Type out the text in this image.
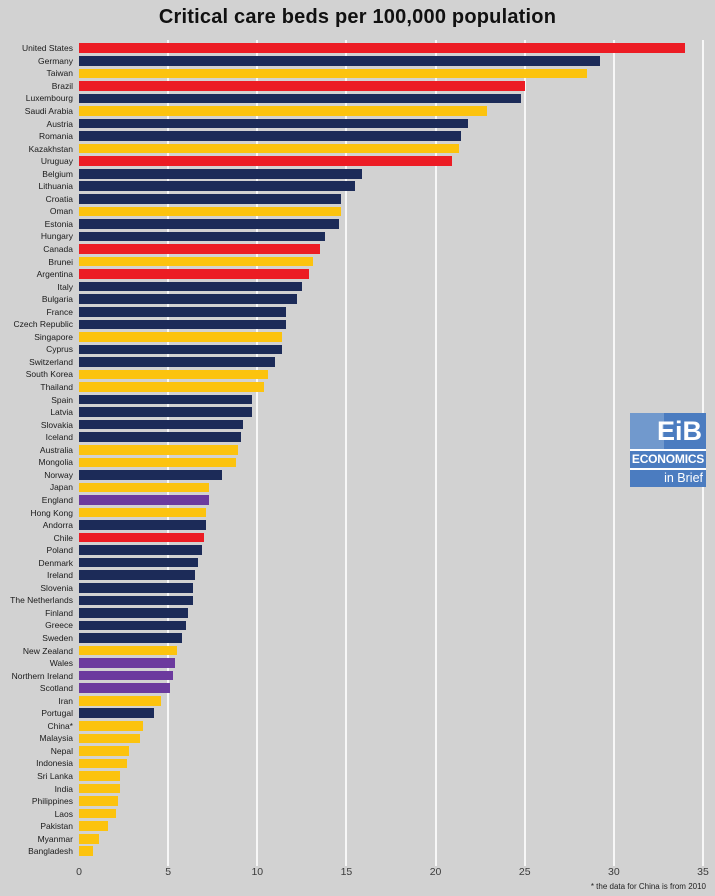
Critical care beds per 100,000 population
United States
Germany
Taiwan
Brazil
Luxembourg
Saudi Arabia
Austria
Romania
Kazakhstan
Uruguay
Belgium
Lithuania
Croatia
Oman
Estonia
Hungary
Canada
Brunei
Argentina
Italy
Bulgaria
France
Czech Republic
Singapore
Cyprus
Switzerland
South Korea
Thailand
Spain
Latvia
Slovakia
Iceland
Australia
Mongolia
Norway
Japan
England
Hong Kong
Andorra
Chile
Poland
Denmark
Ireland
Slovenia
The Netherlands
Finland
Greece
Sweden
New Zealand
Wales
Northern Ireland
Scotland
Iran
Portugal
China*
Malaysia
Nepal
Indonesia
Sri Lanka
India
Philippines
Laos
Pakistan
Myanmar
Bangladesh
0	5	10	15	20	25	30	35
EiB
ECONOMICS
in Brief
* the data for China is from 2010
